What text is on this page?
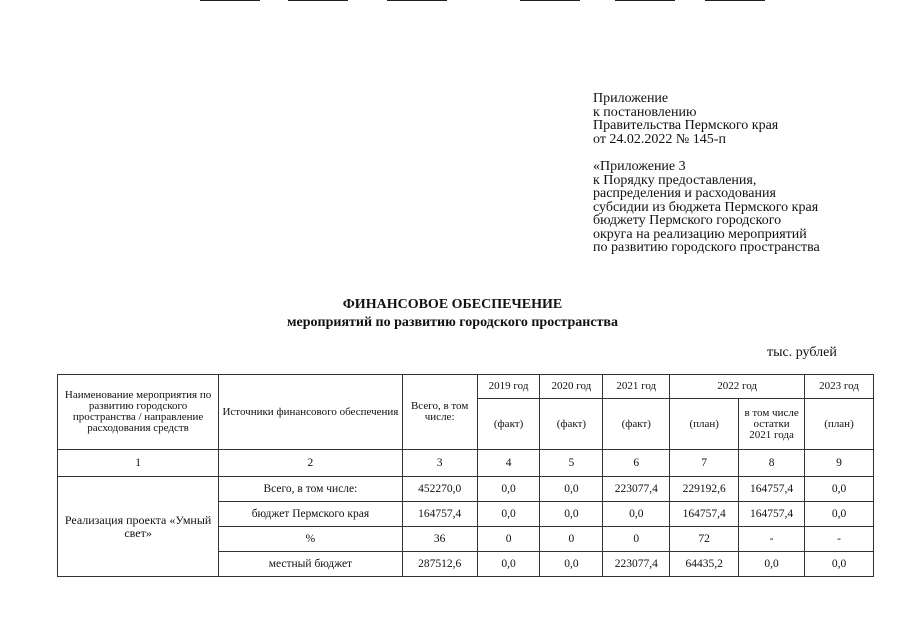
Приложение
к постановлению
Правительства Пермского края
от 24.02.2022 № 145-п
«Приложение 3
к Порядку предоставления,
распределения и расходования
субсидии из бюджета Пермского края
бюджету Пермского городского
округа на реализацию мероприятий
по развитию городского пространства
ФИНАНСОВОЕ ОБЕСПЕЧЕНИЕ
мероприятий по развитию городского пространства
тыс. рублей
Наименование мероприятия по развитию городского пространства / направление расходования средств	Источники финансового обеспечения	Всего, в том числе:	2019 год	2020 год	2021 год	2022 год		2023 год
			(факт)	(факт)	(факт)	(план)	в том числе остатки 2021 года	(план)
1	2	3	4	5	6	7	8	9
Реализация проекта «Умный свет»	Всего, в том числе:	452270,0	0,0	0,0	223077,4	229192,6	164757,4	0,0
	бюджет Пермского края	164757,4	0,0	0,0	0,0	164757,4	164757,4	0,0
	%	36	0	0	0	72	-	-
	местный бюджет	287512,6	0,0	0,0	223077,4	64435,2	0,0	0,0
